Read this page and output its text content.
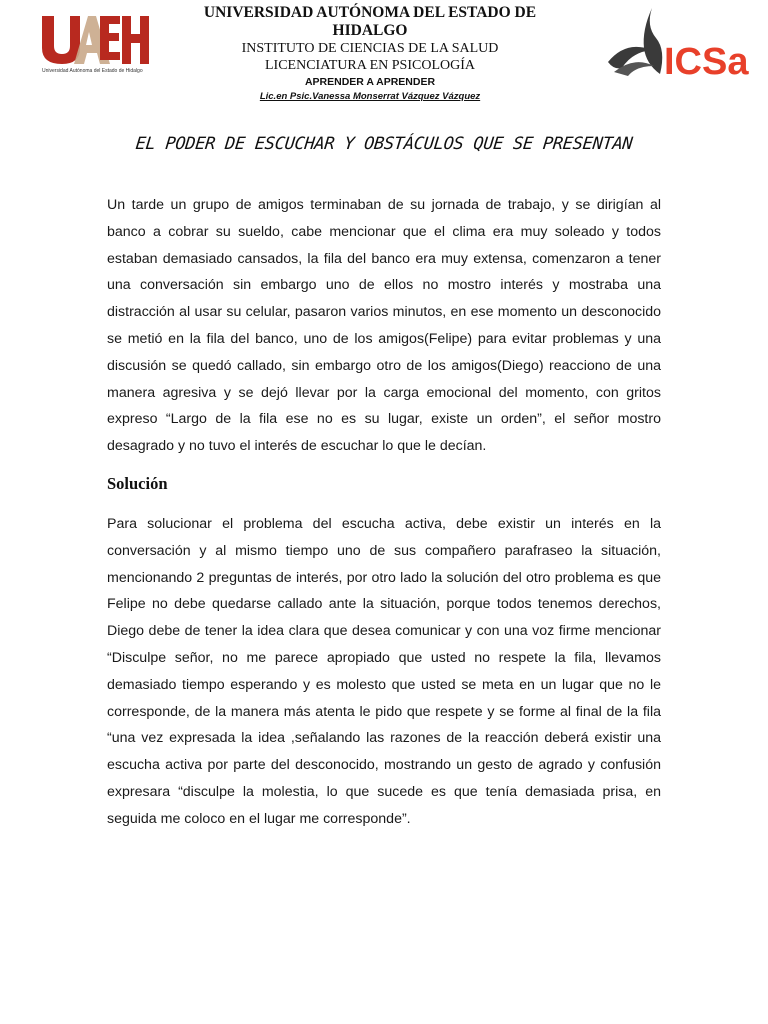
Universidad Autónoma del Estado de Hidalgo
UNIVERSIDAD AUTÓNOMA DEL ESTADO DE HIDALGO
INSTITUTO DE CIENCIAS DE LA SALUD
LICENCIATURA EN PSICOLOGÍA
APRENDER A APRENDER
Lic.en Psic.Vanessa Monserrat Vázquez Vázquez
ICSa
EL PODER DE ESCUCHAR Y OBSTÁCULOS QUE SE PRESENTAN
Un tarde un grupo de amigos terminaban de su jornada de trabajo, y se dirigían al banco a cobrar su sueldo, cabe mencionar que el clima era muy soleado y todos estaban demasiado cansados, la fila del banco era muy extensa, comenzaron a tener una conversación sin embargo uno de ellos no mostro interés y mostraba una distracción al usar su celular, pasaron varios minutos, en ese momento un desconocido se metió en la fila del banco, uno de los amigos(Felipe) para evitar problemas y una discusión se quedó callado, sin embargo otro de los amigos(Diego) reacciono de una manera agresiva y se dejó llevar por la carga emocional del momento, con gritos expreso “Largo de la fila ese no es su lugar, existe un orden”, el señor mostro desagrado y no tuvo el interés de escuchar lo que le decían.
Solución
Para solucionar el problema del escucha activa, debe existir un interés en la conversación y al mismo tiempo uno de sus compañero parafraseo la situación, mencionando 2 preguntas de interés, por otro lado la solución del otro problema es que Felipe no debe quedarse callado ante la situación, porque todos tenemos derechos, Diego debe de tener la idea clara que desea comunicar y con una voz firme mencionar “Disculpe señor, no me parece apropiado que usted no respete la fila, llevamos demasiado tiempo esperando y es molesto que usted se meta en un lugar que no le corresponde, de la manera más atenta le pido que respete y se forme al final de la fila “una vez expresada la idea ,señalando las razones de la reacción deberá existir una escucha activa por parte del desconocido, mostrando un gesto de agrado y confusión expresara “disculpe la molestia, lo que sucede es que tenía demasiada prisa, en seguida me coloco en el lugar me corresponde”.
